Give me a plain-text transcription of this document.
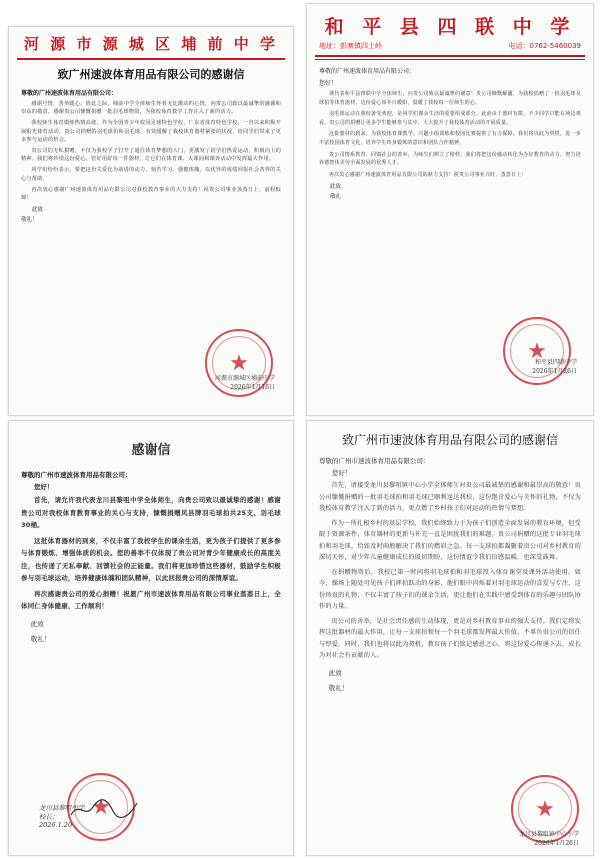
河 源 市 源 城 区 埔 前 中 学
致广州速波体育用品有限公司的感谢信
尊敬的广州速波体育用品有限公司：

感谢号情，善举暖心。值此之际，埔前中学全体师生怀着无比激动的心情，向贵公司致以最诚挚的感谢和崇高的敬意。感谢贵公司慷慨捐赠一批羽毛球物资，为我校体育教学工作注入了新的活力。

我校师生体育锻炼热情高涨，作为全国青少年校园足球特色学校，广东省体育特色学校，一直以来积极开展阳光体育活动。贵公司捐赠的羽毛球拍和羽毛球，有效缓解了我校体育器材紧张的状况，给同学们带来了更多参与运动的机会。

贵公司的无私捐赠，不仅为我校学子打开了通往体育梦想的大门，更激发了同学们热爱运动、积极向上的精神。我们将珍惜这份爱心，管好用好每一件器材，让它们在体育课、大课间和课外活动中发挥最大作用。

同学们纷纷表示，要把这份关爱化为前进的动力，刻苦学习、强健体魄，以优异的成绩回报社会各界的关心与帮助。

再次衷心感谢广州速波体育用品有限公司对我校教育事业的大力支持！祝贵公司事业蒸蒸日上，前程似锦！

此致
敬礼！
★
河源市源城区埔前中学
2026年1月16日
和 平 县 四 联 中 学
地址：彭寨镇四土岭	电话：0762-5460039
尊敬的广州速波体育用品有限公司：
您好！

谨代表和平县四联中学全体师生，向贵公司致以最诚挚的谢意！贵公司慷慨解囊，为我校捐赠了一批羽毛球及球拍等体育器材，这份爱心如冬日暖阳，温暖了我校每一位师生的心。

羽毛球运动在我校备受欢迎，是同学们课余生活的重要组成部分。此前由于器材有限，不少同学只能在场边观看。贵公司的捐赠让更多学生能够参与其中，大大提升了我校体育活动的开展质量。

这批器材的到来，为我校体育课教学、兴趣小组训练和校园比赛提供了有力保障。我们将以此为契机，进一步丰富校园体育文化，培养学生终身锻炼的意识和团队合作精神。

贵公司情系教育、回馈社会的善举，为师生们树立了榜样。我们将把这份感动转化为办好教育的动力，努力培养德智体美劳全面发展的优秀人才。

再次衷心感谢广州速波体育用品有限公司的鼎力支持！祝贵公司事业兴旺，蒸蒸日上！

此致
敬礼
★
和平县四联中学
2026年1月26日
感谢信
尊敬的广州市速波体育用品有限公司：
您好！

首先，请允许我代表龙川县黎咀中学全体师生，向贵公司致以最诚挚的感谢！感谢贵公司对我校体育教育事业的关心与支持，慷慨捐赠风县牌羽毛球拍共25支、羽毛球30桶。

这批体育器材的到来，不仅丰富了我校学生的课余生活，更为孩子们提供了更多参与体育锻炼、增强体质的机会。您的善举不仅体现了贵公司对青少年健康成长的高度关注，也传递了无私奉献、回馈社会的正能量。我们将更加珍惜这些器材，鼓励学生积极参与羽毛球运动，培养健康体魄和团队精神，以此回报贵公司的深情厚谊。

再次感谢贵公司的爱心捐赠！祝愿广州市速波体育用品有限公司事业蒸蒸日上，全体同仁身体健康、工作顺利！

此致
敬礼！
★
龙川县黎咀中学
校长：
2026.1.20
致广州市速波体育用品有限公司的感谢信
尊敬的广州市速波体育用品有限公司：
您好！

首先，请接受龙川县黎咀镇中心小学全体师生对贵公司最诚挚的感谢和最崇高的敬意！贵公司慷慨捐赠的一批羽毛球拍和羽毛球已顺利送达我校，这份饱含爱心与关怀的礼物，不仅为我校体育教学注入了新的活力，更点燃了乡村孩子们对运动的热情与梦想。

作为一所扎根乡村的基层学校，我们始终致力于为孩子们创造全面发展的教育环境，但受限于资源条件，体育器材的更新与补充一直是困扰我们的难题。贵公司捐赠的这批专业羽毛球拍和羽毛球，恰如及时雨般解决了我们的燃眉之急。每一支球拍都凝聚着贵公司对乡村教育的深切关怀，对少年儿童健康成长的殷切期盼，这份情谊令我们倍感温暖，也深受鼓舞。

在捐赠物资后，我校已第一时间将羽毛球拍和羽毛球投入体育课堂及课外活动使用。如今，操场上随处可见孩子们挥拍跃动的身影，他们眼中闪烁着对羽毛球运动的喜爱与专注，这份珍贵的礼物，不仅丰富了孩子们的课余生活，更让他们在实践中感受到体育的乐趣与团队协作的力量。

贵公司的善举，是社会责任感的生动体现，更是对乡村教育事业的强大支持。我们定将发挥这批器材的最大作用，让每一支球拍和每一个羽毛球都发挥最大价值。不辜负贵公司的信任与厚爱。同时，我们也将以此为契机，教育孩子们铭记感恩之心，将这份爱心传递下去，成长为对社会有贡献的人。

此致
敬礼！
★
龙川县黎咀镇中心小学
2026年1月26日
